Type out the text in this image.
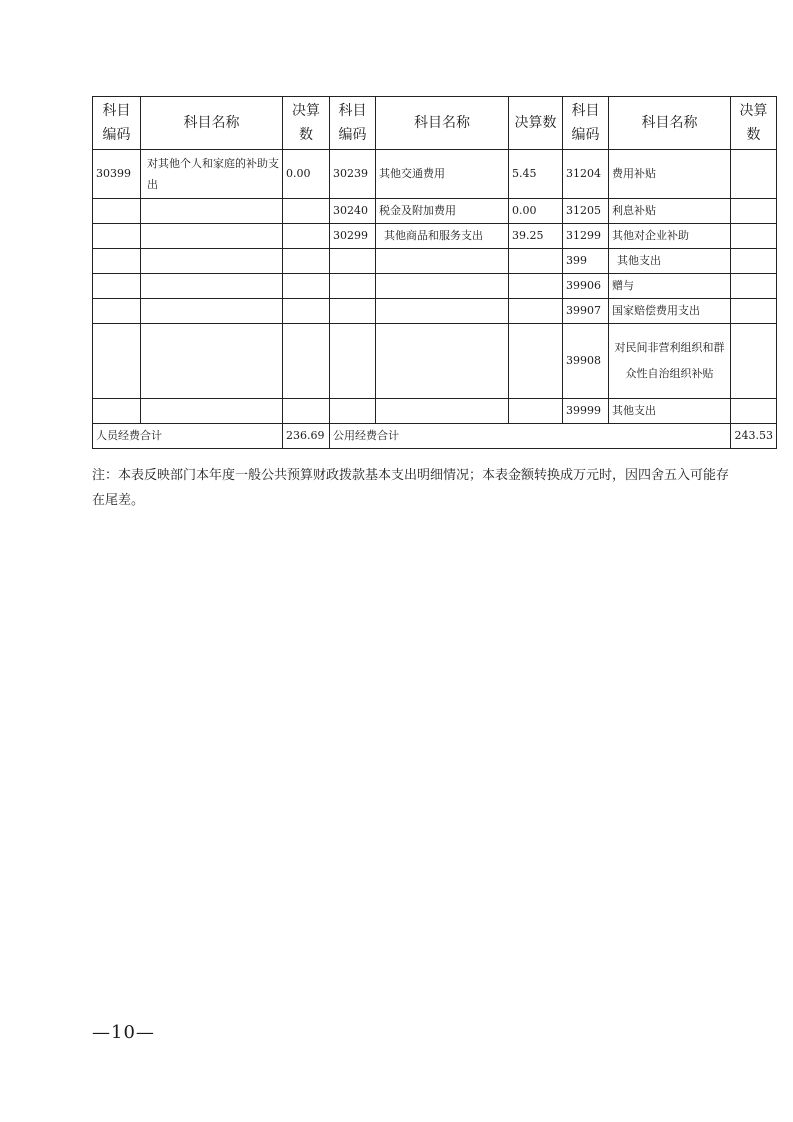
科目编码	科目名称	决算数	科目编码	科目名称	决算数	科目编码	科目名称	决算数
30399	对其他个人和家庭的补助支出	0.00	30239	其他交通费用	5.45	31204	费用补贴	
			30240	税金及附加费用	0.00	31205	利息补贴	
			30299	其他商品和服务支出	39.25	31299	其他对企业补助	
						399	其他支出	
						39906	赠与	
						39907	国家赔偿费用支出	
						39908	对民间非营利组织和群众性自治组织补贴	
						39999	其他支出	
人员经费合计		236.69	公用经费合计					243.53
注：本表反映部门本年度一般公共预算财政拨款基本支出明细情况；本表金额转换成万元时，因四舍五入可能存在尾差。
—10—
